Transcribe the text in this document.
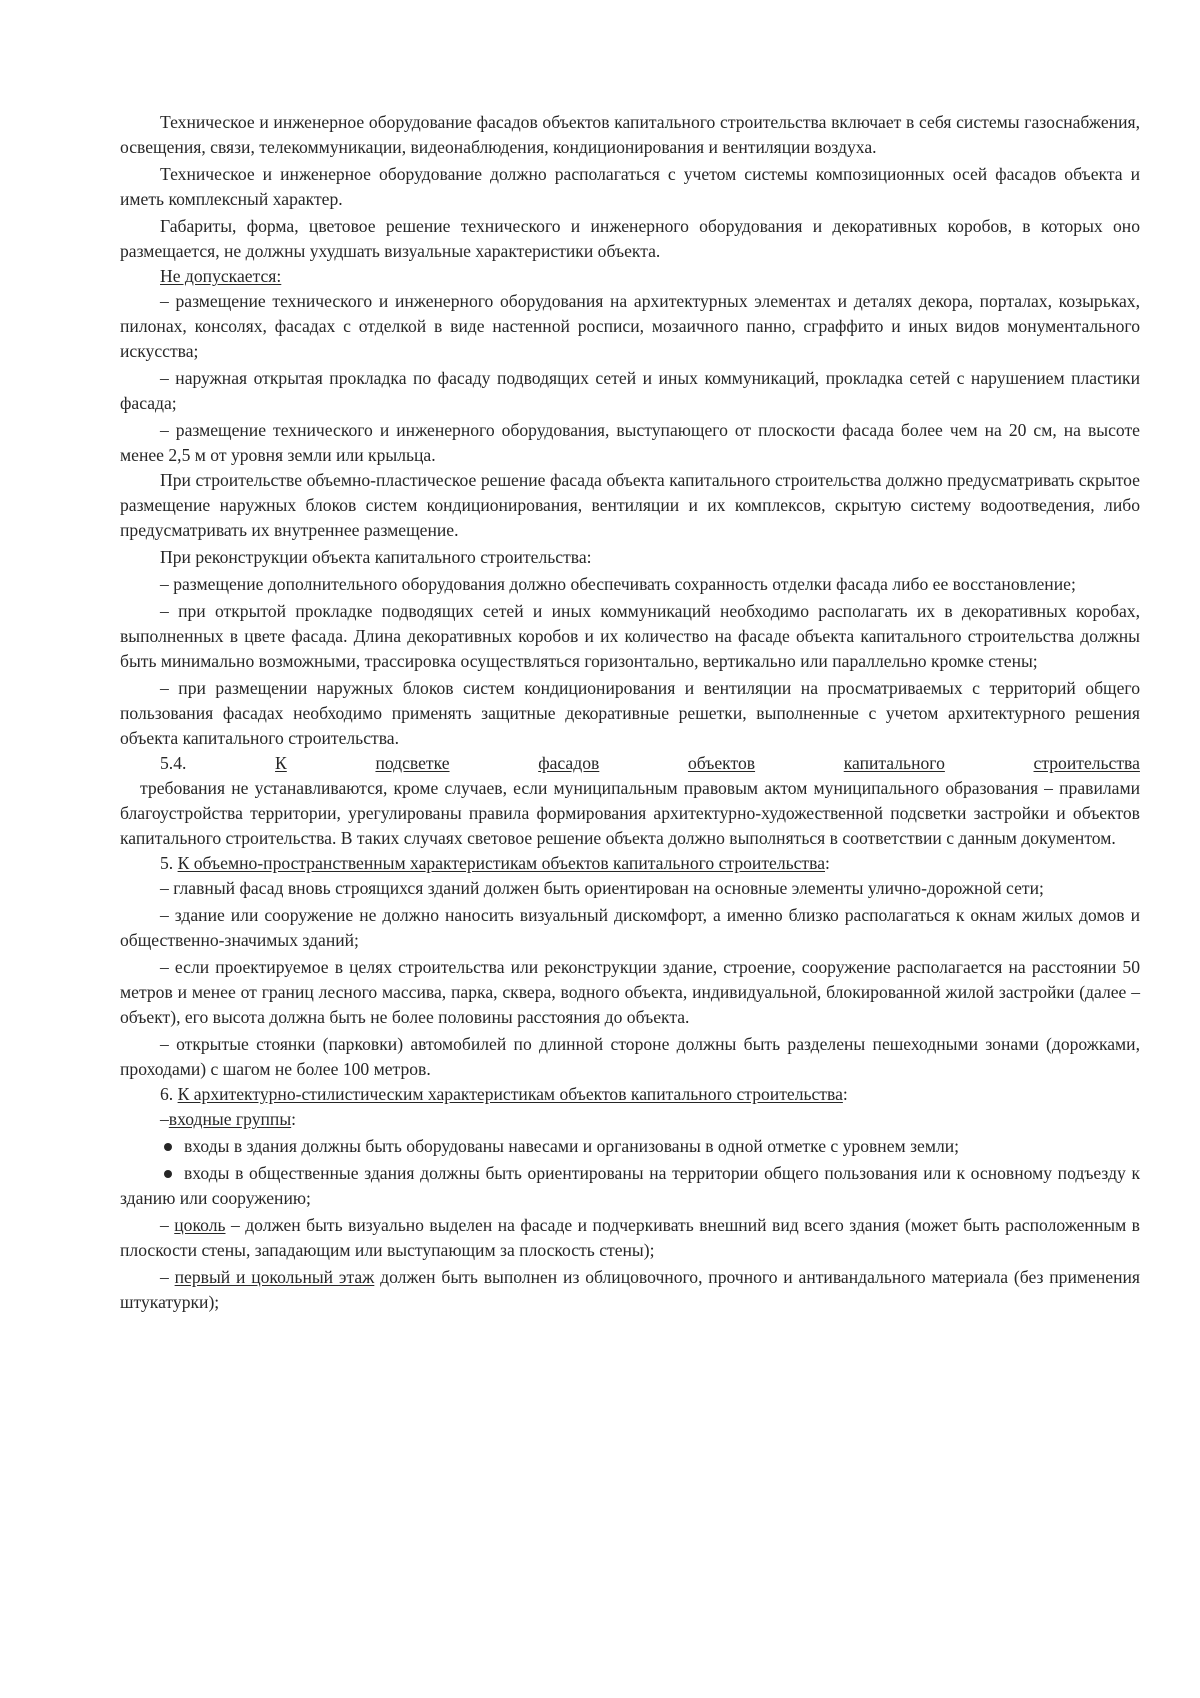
Техническое и инженерное оборудование фасадов объектов капитального строительства включает в себя системы газоснабжения, освещения, связи, телекоммуникации, видеонаблюдения, кондиционирования и вентиляции воздуха.

Техническое и инженерное оборудование должно располагаться с учетом системы композиционных осей фасадов объекта и иметь комплексный характер.

Габариты, форма, цветовое решение технического и инженерного оборудования и декоративных коробов, в которых оно размещается, не должны ухудшать визуальные характеристики объекта.

Не допускается:

– размещение технического и инженерного оборудования на архитектурных элементах и деталях декора, порталах, козырьках, пилонах, консолях, фасадах с отделкой в виде настенной росписи, мозаичного панно, сграффито и иных видов монументального искусства;

– наружная открытая прокладка по фасаду подводящих сетей и иных коммуникаций, прокладка сетей с нарушением пластики фасада;

– размещение технического и инженерного оборудования, выступающего от плоскости фасада более чем на 20 см, на высоте менее 2,5 м от уровня земли или крыльца.

При строительстве объемно-пластическое решение фасада объекта капитального строительства должно предусматривать скрытое размещение наружных блоков систем кондиционирования, вентиляции и их комплексов, скрытую систему водоотведения, либо предусматривать их внутреннее размещение.

При реконструкции объекта капитального строительства:

– размещение дополнительного оборудования должно обеспечивать сохранность отделки фасада либо ее восстановление;

– при открытой прокладке подводящих сетей и иных коммуникаций необходимо располагать их в декоративных коробах, выполненных в цвете фасада. Длина декоративных коробов и их количество на фасаде объекта капитального строительства должны быть минимально возможными, трассировка осуществляться горизонтально, вертикально или параллельно кромке стены;

– при размещении наружных блоков систем кондиционирования и вентиляции на просматриваемых с территорий общего пользования фасадах необходимо применять защитные декоративные решетки, выполненные с учетом архитектурного решения объекта капитального строительства.

5.4.	К	подсветке	фасадов	объектов	капитального	строительства

требования не устанавливаются, кроме случаев, если муниципальным правовым актом муниципального образования – правилами благоустройства территории, урегулированы правила формирования архитектурно-художественной подсветки застройки и объектов капитального строительства. В таких случаях световое решение объекта должно выполняться в соответствии с данным документом.

5. К объемно-пространственным характеристикам объектов капитального строительства:

– главный фасад вновь строящихся зданий должен быть ориентирован на основные элементы улично-дорожной сети;

– здание или сооружение не должно наносить визуальный дискомфорт, а именно близко располагаться к окнам жилых домов и общественно-значимых зданий;

– если проектируемое в целях строительства или реконструкции здание, строение, сооружение располагается на расстоянии 50 метров и менее от границ лесного массива, парка, сквера, водного объекта, индивидуальной, блокированной жилой застройки (далее – объект), его высота должна быть не более половины расстояния до объекта.

– открытые стоянки (парковки) автомобилей по длинной стороне должны быть разделены пешеходными зонами (дорожками, проходами) с шагом не более 100 метров.

6. К архитектурно-стилистическим характеристикам объектов капитального строительства:

–входные группы:

входы в здания должны быть оборудованы навесами и организованы в одной отметке с уровнем земли;

входы в общественные здания должны быть ориентированы на территории общего пользования или к основному подъезду к зданию или сооружению;

– цоколь – должен быть визуально выделен на фасаде и подчеркивать внешний вид всего здания (может быть расположенным в плоскости стены, западающим или выступающим за плоскость стены);

– первый и цокольный этаж должен быть выполнен из облицовочного, прочного и антивандального материала (без применения штукатурки);
